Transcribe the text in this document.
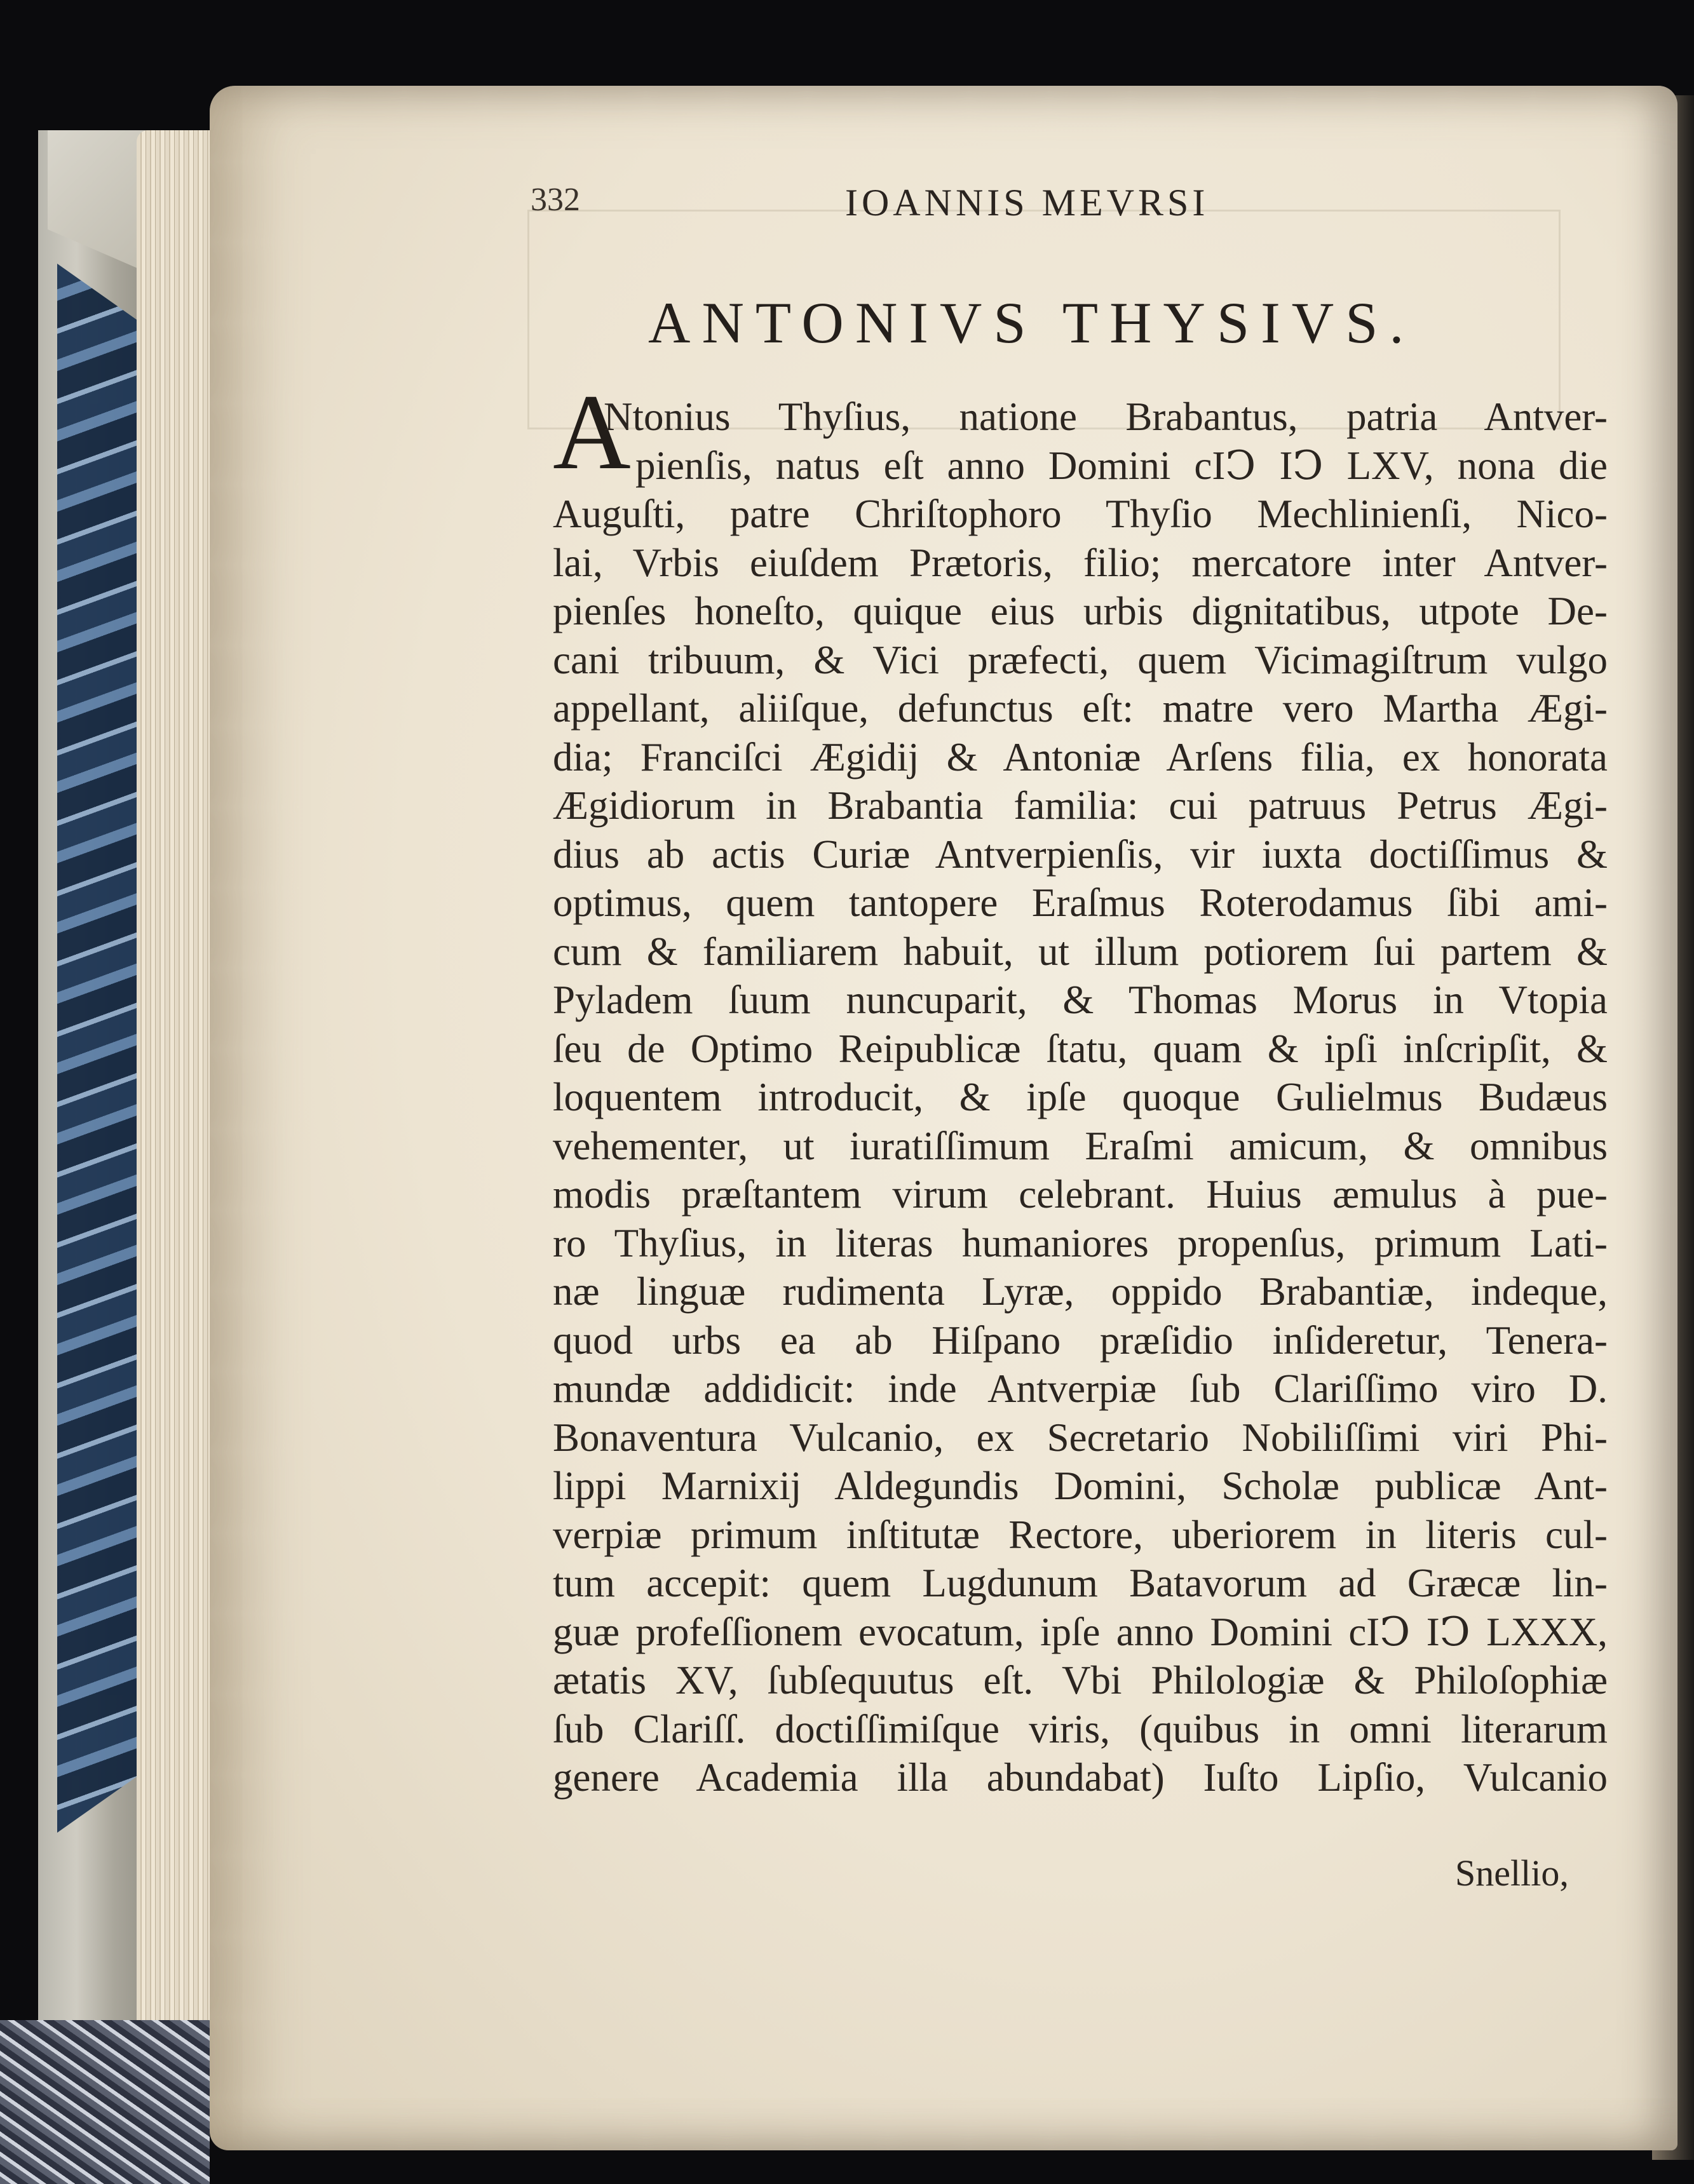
332	IOANNIS MEVRSI
ANTONIVS THYSIVS.
A
Ntonius Thyſius, natione Brabantus, patria Antver-
pienſis, natus eſt anno Domini cIↃ IↃ LXV, nona die
Auguſti, patre Chriſtophoro Thyſio Mechlinienſi, Nico-
lai, Vrbis eiuſdem Prætoris, filio; mercatore inter Antver-
pienſes honeſto, quique eius urbis dignitatibus, utpote De-
cani tribuum, & Vici præfecti, quem Vicimagiſtrum vulgo
appellant, aliiſque, defunctus eſt: matre vero Martha Ægi-
dia; Franciſci Ægidij & Antoniæ Arſens filia, ex honorata
Ægidiorum in Brabantia familia: cui patruus Petrus Ægi-
dius ab actis Curiæ Antverpienſis, vir iuxta doctiſſimus &
optimus, quem tantopere Eraſmus Roterodamus ſibi ami-
cum & familiarem habuit, ut illum potiorem ſui partem &
Pyladem ſuum nuncuparit, & Thomas Morus in Vtopia
ſeu de Optimo Reipublicæ ſtatu, quam & ipſi inſcripſit, &
loquentem introducit, & ipſe quoque Gulielmus Budæus
vehementer, ut iuratiſſimum Eraſmi amicum, & omnibus
modis præſtantem virum celebrant. Huius æmulus à pue-
ro Thyſius, in literas humaniores propenſus, primum Lati-
næ linguæ rudimenta Lyræ, oppido Brabantiæ, indeque,
quod urbs ea ab Hiſpano præſidio inſideretur, Tenera-
mundæ addidicit: inde Antverpiæ ſub Clariſſimo viro D.
Bonaventura Vulcanio, ex Secretario Nobiliſſimi viri Phi-
lippi Marnixij Aldegundis Domini, Scholæ publicæ Ant-
verpiæ primum inſtitutæ Rectore, uberiorem in literis cul-
tum accepit: quem Lugdunum Batavorum ad Græcæ lin-
guæ profeſſionem evocatum, ipſe anno Domini cIↃ IↃ LXXX,
ætatis XV, ſubſequutus eſt. Vbi Philologiæ & Philoſophiæ
ſub Clariſſ. doctiſſimiſque viris, (quibus in omni literarum
genere Academia illa abundabat) Iuſto Lipſio, Vulcanio
Snellio,
